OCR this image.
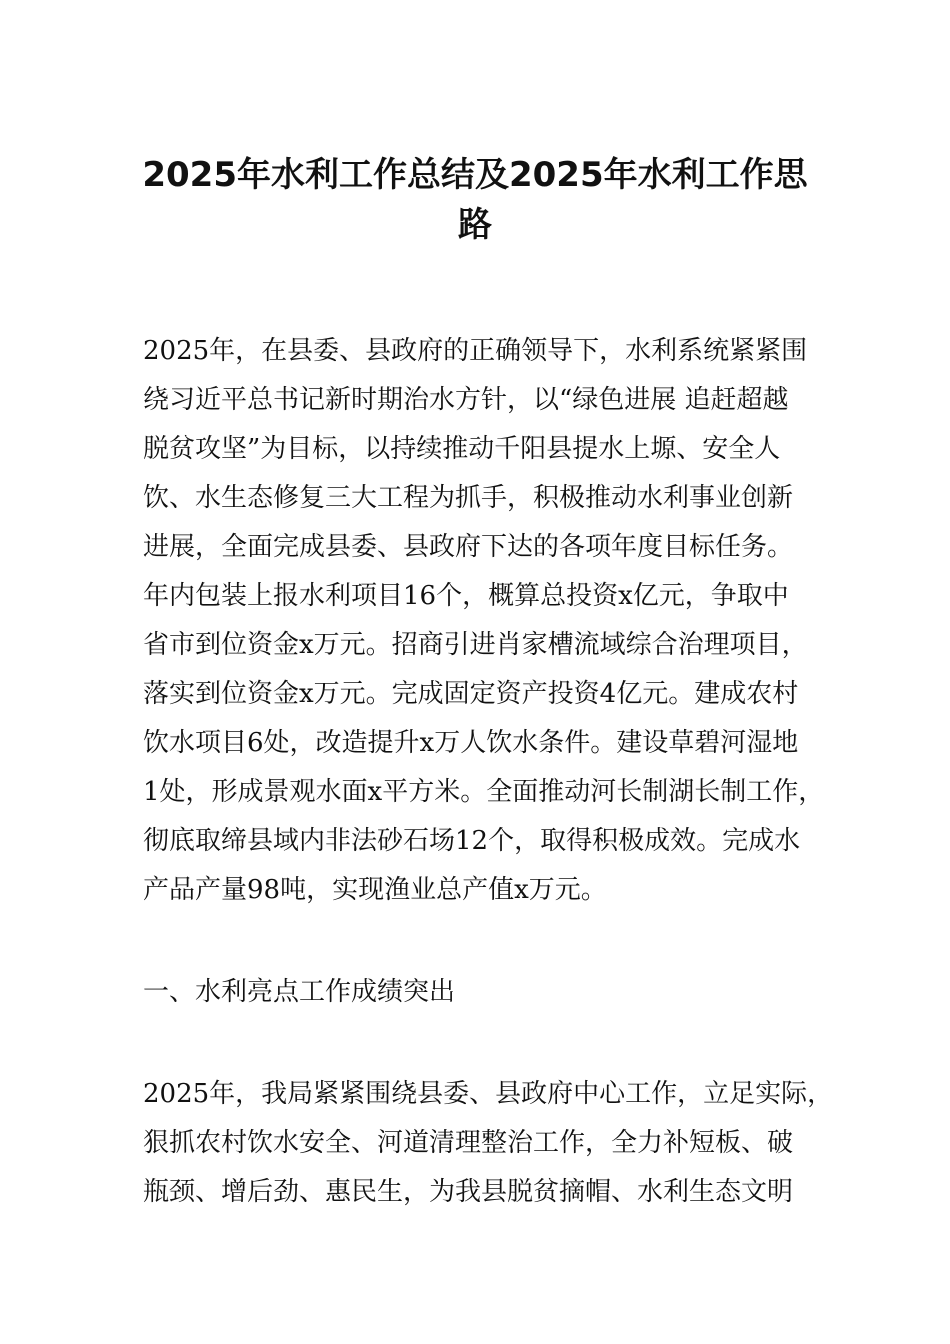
2025年水利工作总结及2025年水利工作思
路

2025年，在县委、县政府的正确领导下，水利系统紧紧围

绕习近平总书记新时期治水方针，以“绿色进展 追赶超越

脱贫攻坚”为目标，以持续推动千阳县提水上塬、安全人

饮、水生态修复三大工程为抓手，积极推动水利事业创新

进展，全面完成县委、县政府下达的各项年度目标任务。

年内包装上报水利项目16个，概算总投资x亿元，争取中

省市到位资金x万元。招商引进肖家槽流域综合治理项目，

落实到位资金x万元。完成固定资产投资4亿元。建成农村

饮水项目6处，改造提升x万人饮水条件。建设草碧河湿地

1处，形成景观水面x平方米。全面推动河长制湖长制工作，

彻底取缔县域内非法砂石场12个，取得积极成效。完成水

产品产量98吨，实现渔业总产值x万元。

一、水利亮点工作成绩突出

2025年，我局紧紧围绕县委、县政府中心工作，立足实际，

狠抓农村饮水安全、河道清理整治工作，全力补短板、破

瓶颈、增后劲、惠民生，为我县脱贫摘帽、水利生态文明
